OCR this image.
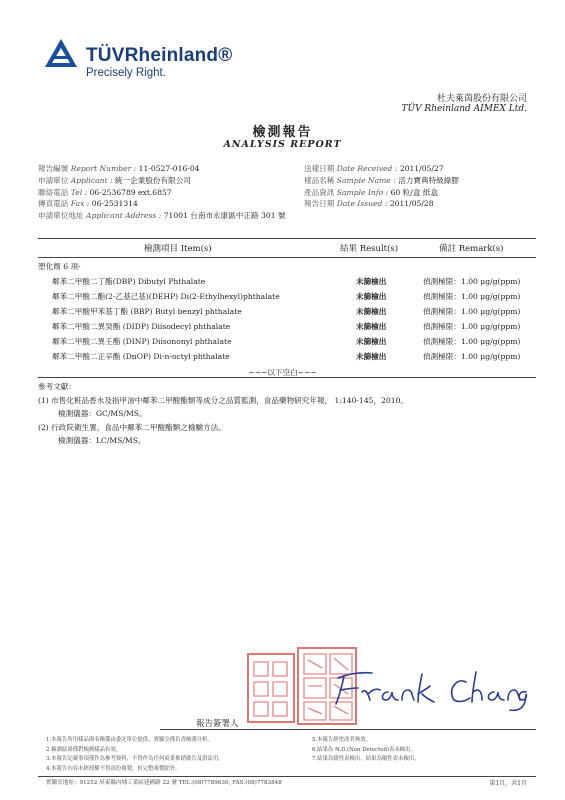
TÜVRheinland®
Precisely Right.
杜夫萊茵股份有限公司
TÜV Rheinland AIMEX Ltd.
檢測報告
ANALYSIS REPORT
報告編號 Report Number : 11-0527-016-04
申請單位 Applicant : 統一企業股份有限公司
聯絡電話 Tel : 06-2536789 ext.6857
傳真電話 Fax : 06-2531314
申請單位地址 Applicant Address : 71001 台南市永康區中正路 301 號
送樣日期 Date Received : 2011/05/27
樣品名稱 Sample Name : 活力寶典特級綠膠
產品資訊 Sample Info : 60 粒/盒 紙盒
報告日期 Date Issued : 2011/05/28
檢測項目 Item(s)	結果 Result(s)	備註 Remark(s)
塑化劑 6 項-
鄰苯二甲酸二丁酯(DBP) Dibutyl Phthalate	未篩檢出	偵測極限：1.00 μg/g(ppm)
鄰苯二甲酸二酯(2-乙基己基)(DEHP) Di(2-Ethylhexyl)phthalate	未篩檢出	偵測極限：1.00 μg/g(ppm)
鄰苯二甲酸甲苯基丁酯 (BBP) Butyl benzyl phthalate	未篩檢出	偵測極限：1.00 μg/g(ppm)
鄰苯二甲酸二異癸酯 (DIDP) Diisodecyl phthalate	未篩檢出	偵測極限：1.00 μg/g(ppm)
鄰苯二甲酸二異壬酯 (DINP) Diisononyl phthalate	未篩檢出	偵測極限：1.00 μg/g(ppm)
鄰苯二甲酸二正辛酯 (DnOP) Di-n-octyl phthalate	未篩檢出	偵測極限：1.00 μg/g(ppm)
~~~以下空白~~~
參考文獻：
(1) 市售化粧品香水及指甲油中鄰苯二甲酸酯類等成分之品質監測，食品藥物研究年報， 1:140-145，2010。
檢測儀器：GC/MS/MS。
(2) 行政院衛生署，食品中鄰苯二甲酸酯類之檢驗方法。
檢測儀器：LC/MS/MS。
報告簽署人
1.本報告所用樣品與名稱係由委託單位提供，實驗室僅負責檢測分析。
2.檢測結果僅對檢測樣品有效。
3.本報告記載事項僅作為參考資料，不得作為任何商業推銷廣告及訴訟用。
4.本報告內容未經授權不得部份複製，但完整複製除外。
5.本報告經塗改者無效。
6.結果為 N.D.(Non Detected)表未檢出。
7.結果為陰性表檢出，結果為陽性表未檢出。
實驗室地址：91252 屏東縣內埔工業區建國路 22 號 TEL:(08)7789630, FAX:(08)7783848	第1頁，共1頁
